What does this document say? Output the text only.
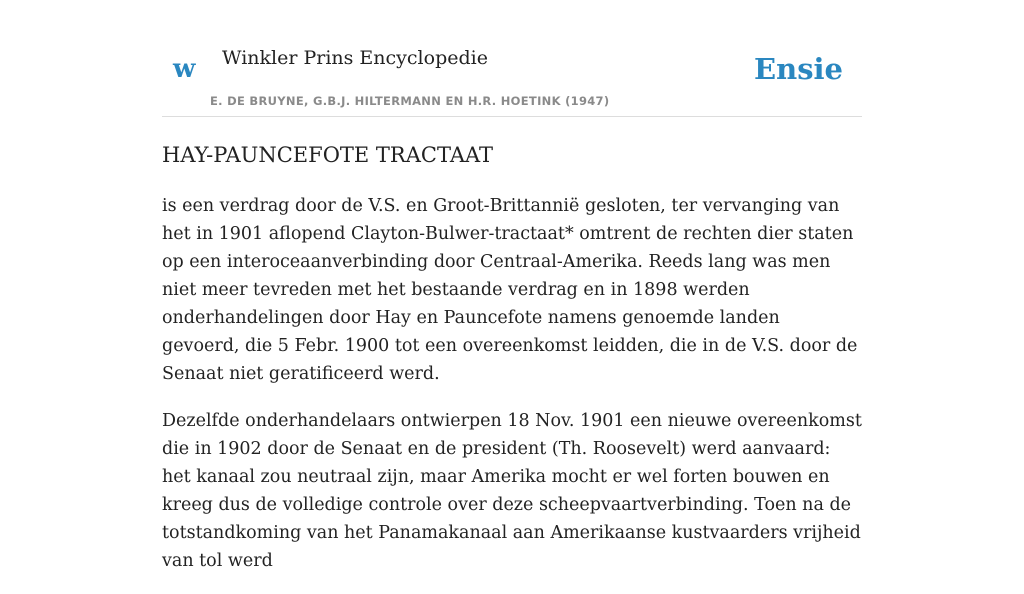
w Winkler Prins Encyclopedie
E. DE BRUYNE, G.B.J. HILTERMANN EN H.R. HOETINK (1947)
Ensie
HAY-PAUNCEFOTE TRACTAAT

is een verdrag door de V.S. en Groot-Brittannië gesloten, ter vervanging van het in 1901 aflopend Clayton-Bulwer-tractaat* omtrent de rechten dier staten op een interoceaanverbinding door Centraal-Amerika. Reeds lang was men niet meer tevreden met het bestaande verdrag en in 1898 werden onderhandelingen door Hay en Pauncefote namens genoemde landen gevoerd, die 5 Febr. 1900 tot een overeenkomst leidden, die in de V.S. door de Senaat niet geratificeerd werd.

Dezelfde onderhandelaars ontwierpen 18 Nov. 1901 een nieuwe overeenkomst die in 1902 door de Senaat en de president (Th. Roosevelt) werd aanvaard: het kanaal zou neutraal zijn, maar Amerika mocht er wel forten bouwen en kreeg dus de volledige controle over deze scheepvaartverbinding. Toen na de totstandkoming van het Panamakanaal aan Amerikaanse kustvaarders vrijheid van tol werd
